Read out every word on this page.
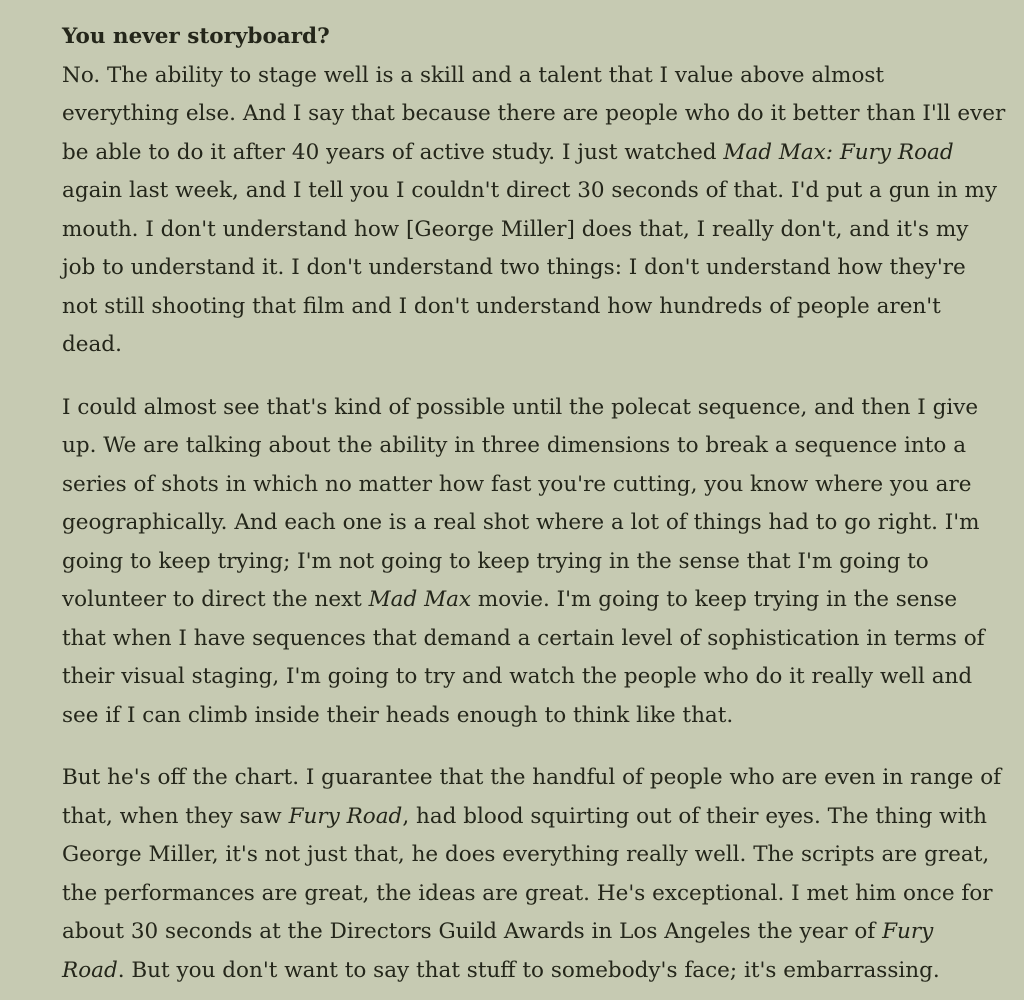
You never storyboard?
No. The ability to stage well is a skill and a talent that I value above almost
everything else. And I say that because there are people who do it better than I'll ever
be able to do it after 40 years of active study. I just watched Mad Max: Fury Road
again last week, and I tell you I couldn't direct 30 seconds of that. I'd put a gun in my
mouth. I don't understand how [George Miller] does that, I really don't, and it's my
job to understand it. I don't understand two things: I don't understand how they're
not still shooting that film and I don't understand how hundreds of people aren't
dead.
I could almost see that's kind of possible until the polecat sequence, and then I give
up. We are talking about the ability in three dimensions to break a sequence into a
series of shots in which no matter how fast you're cutting, you know where you are
geographically. And each one is a real shot where a lot of things had to go right. I'm
going to keep trying; I'm not going to keep trying in the sense that I'm going to
volunteer to direct the next Mad Max movie. I'm going to keep trying in the sense
that when I have sequences that demand a certain level of sophistication in terms of
their visual staging, I'm going to try and watch the people who do it really well and
see if I can climb inside their heads enough to think like that.
But he's off the chart. I guarantee that the handful of people who are even in range of
that, when they saw Fury Road, had blood squirting out of their eyes. The thing with
George Miller, it's not just that, he does everything really well. The scripts are great,
the performances are great, the ideas are great. He's exceptional. I met him once for
about 30 seconds at the Directors Guild Awards in Los Angeles the year of Fury
Road. But you don't want to say that stuff to somebody's face; it's embarrassing.
